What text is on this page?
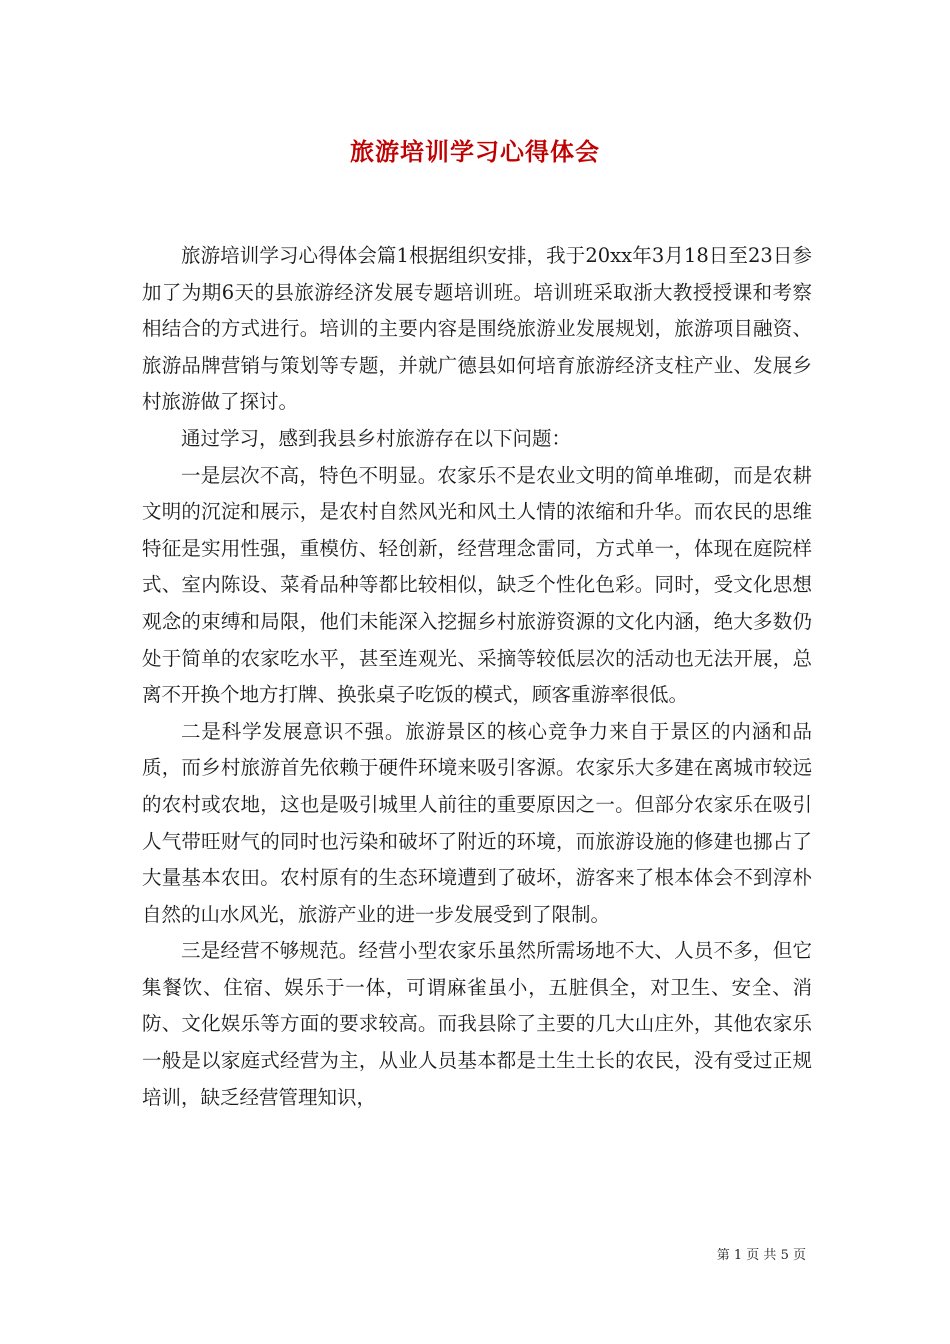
旅游培训学习心得体会

旅游培训学习心得体会篇1根据组织安排，我于20xx年3月18日至23日参加了为期6天的县旅游经济发展专题培训班。培训班采取浙大教授授课和考察相结合的方式进行。培训的主要内容是围绕旅游业发展规划，旅游项目融资、旅游品牌营销与策划等专题，并就广德县如何培育旅游经济支柱产业、发展乡村旅游做了探讨。

通过学习，感到我县乡村旅游存在以下问题：

一是层次不高，特色不明显。农家乐不是农业文明的简单堆砌，而是农耕文明的沉淀和展示，是农村自然风光和风土人情的浓缩和升华。而农民的思维特征是实用性强，重模仿、轻创新，经营理念雷同，方式单一，体现在庭院样式、室内陈设、菜肴品种等都比较相似，缺乏个性化色彩。同时，受文化思想观念的束缚和局限，他们未能深入挖掘乡村旅游资源的文化内涵，绝大多数仍处于简单的农家吃水平，甚至连观光、采摘等较低层次的活动也无法开展，总离不开换个地方打牌、换张桌子吃饭的模式，顾客重游率很低。

二是科学发展意识不强。旅游景区的核心竞争力来自于景区的内涵和品质，而乡村旅游首先依赖于硬件环境来吸引客源。农家乐大多建在离城市较远的农村或农地，这也是吸引城里人前往的重要原因之一。但部分农家乐在吸引人气带旺财气的同时也污染和破坏了附近的环境，而旅游设施的修建也挪占了大量基本农田。农村原有的生态环境遭到了破坏，游客来了根本体会不到淳朴自然的山水风光，旅游产业的进一步发展受到了限制。

三是经营不够规范。经营小型农家乐虽然所需场地不大、人员不多，但它集餐饮、住宿、娱乐于一体，可谓麻雀虽小，五脏俱全，对卫生、安全、消防、文化娱乐等方面的要求较高。而我县除了主要的几大山庄外，其他农家乐一般是以家庭式经营为主，从业人员基本都是土生土长的农民，没有受过正规培训，缺乏经营管理知识，

第 1 页 共 5 页
